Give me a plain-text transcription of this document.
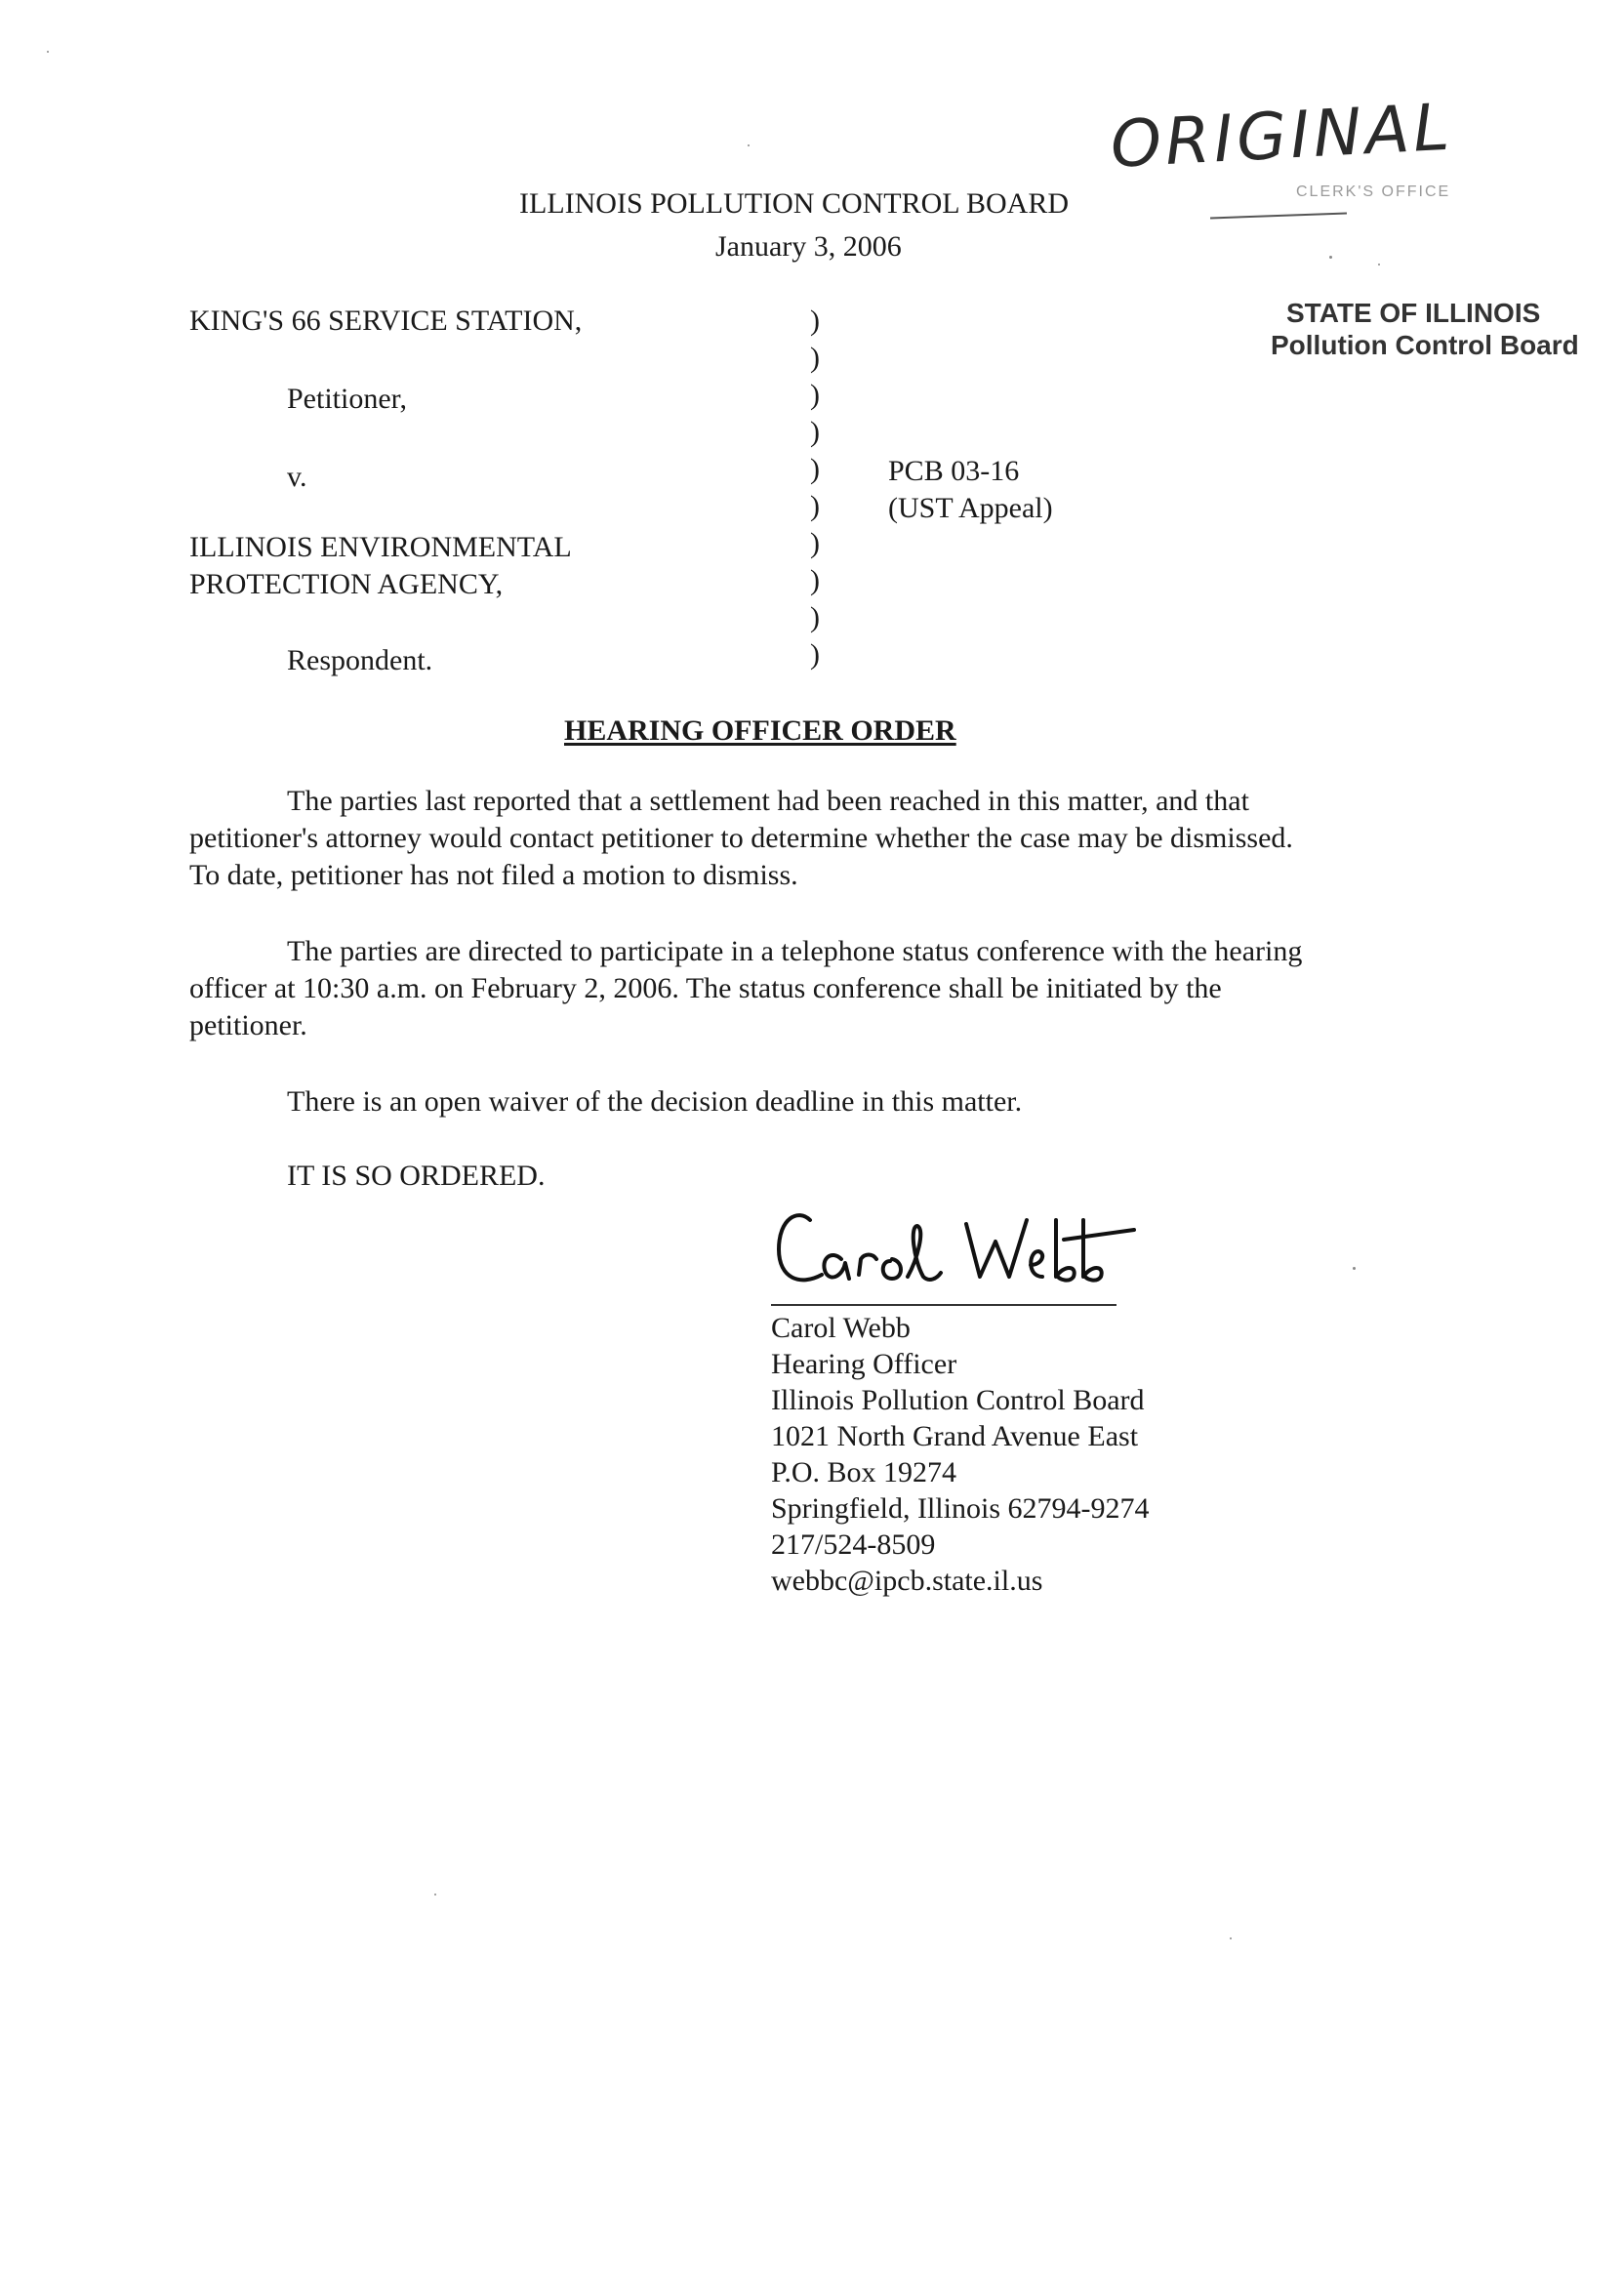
ILLINOIS POLLUTION CONTROL BOARD
January 3, 2006
ORIGINAL
CLERK'S OFFICE
STATE OF ILLINOIS
Pollution Control Board
KING'S 66 SERVICE STATION,
Petitioner,
v.
ILLINOIS ENVIRONMENTAL
PROTECTION AGENCY,
Respondent.
)
)
)
)
)
)
)
)
)
)
PCB 03-16
(UST Appeal)
HEARING OFFICER ORDER

The parties last reported that a settlement had been reached in this matter, and that
petitioner's attorney would contact petitioner to determine whether the case may be dismissed.
To date, petitioner has not filed a motion to dismiss.

The parties are directed to participate in a telephone status conference with the hearing
officer at 10:30 a.m. on February 2, 2006. The status conference shall be initiated by the
petitioner.

There is an open waiver of the decision deadline in this matter.
IT IS SO ORDERED.
Carol Webb
Hearing Officer
Illinois Pollution Control Board
1021 North Grand Avenue East
P.O. Box 19274
Springfield, Illinois 62794-9274
217/524-8509
webbc@ipcb.state.il.us
